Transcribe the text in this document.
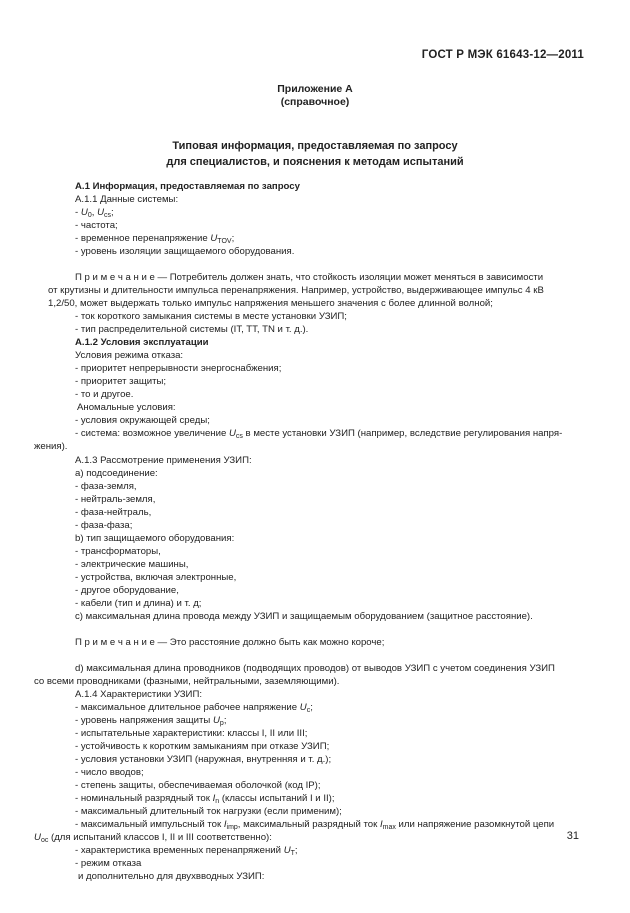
ГОСТ Р МЭК 61643-12—2011
Приложение А
(справочное)
Типовая информация, предоставляемая по запросу
для специалистов, и пояснения к методам испытаний
А.1 Информация, предоставляемая по запросу
А.1.1 Данные системы:
- $U_0$, $U_{cs}$;
- частота;
- временное перенапряжение $U_{TOV}$;
- уровень изоляции защищаемого оборудования.
П р и м е ч а н и е — Потребитель должен знать, что стойкость изоляции может меняться в зависимости
от крутизны и длительности импульса перенапряжения. Например, устройство, выдерживающее импульс 4 кВ
1,2/50, может выдержать только импульс напряжения меньшего значения с более длинной волной;
- ток короткого замыкания системы в месте установки УЗИП;
- тип распределительной системы (IT, TT, TN и т. д.).
А.1.2 Условия эксплуатации
Условия режима отказа:
- приоритет непрерывности энергоснабжения;
- приоритет защиты;
- то и другое.
Аномальные условия:
- условия окружающей среды;
- система: возможное увеличение $U_{cs}$ в месте установки УЗИП (например, вследствие регулирования напря-
жения).
А.1.3 Рассмотрение применения УЗИП:
а) подсоединение:
- фаза-земля,
- нейтраль-земля,
- фаза-нейтраль,
- фаза-фаза;
b) тип защищаемого оборудования:
- трансформаторы,
- электрические машины,
- устройства, включая электронные,
- другое оборудование,
- кабели (тип и длина) и т. д;
c) максимальная длина провода между УЗИП и защищаемым оборудованием (защитное расстояние).
П р и м е ч а н и е — Это расстояние должно быть как можно короче;
d) максимальная длина проводников (подводящих проводов) от выводов УЗИП с учетом соединения УЗИП
со всеми проводниками (фазными, нейтральными, заземляющими).
А.1.4 Характеристики УЗИП:
- максимальное длительное рабочее напряжение $U_c$;
- уровень напряжения защиты $U_p$;
- испытательные характеристики: классы I, II или III;
- устойчивость к коротким замыканиям при отказе УЗИП;
- условия установки УЗИП (наружная, внутренняя и т. д.);
- число вводов;
- степень защиты, обеспечиваемая оболочкой (код IP);
- номинальный разрядный ток $I_n$ (классы испытаний I и II);
- максимальный длительный ток нагрузки (если применим);
- максимальный импульсный ток $I_{imp}$, максимальный разрядный ток $I_{max}$ или напряжение разомкнутой цепи
$U_{oc}$ (для испытаний классов I, II и III соответственно):
- характеристика временных перенапряжений $U_T$;
- режим отказа
и дополнительно для двухвводных УЗИП:
31
